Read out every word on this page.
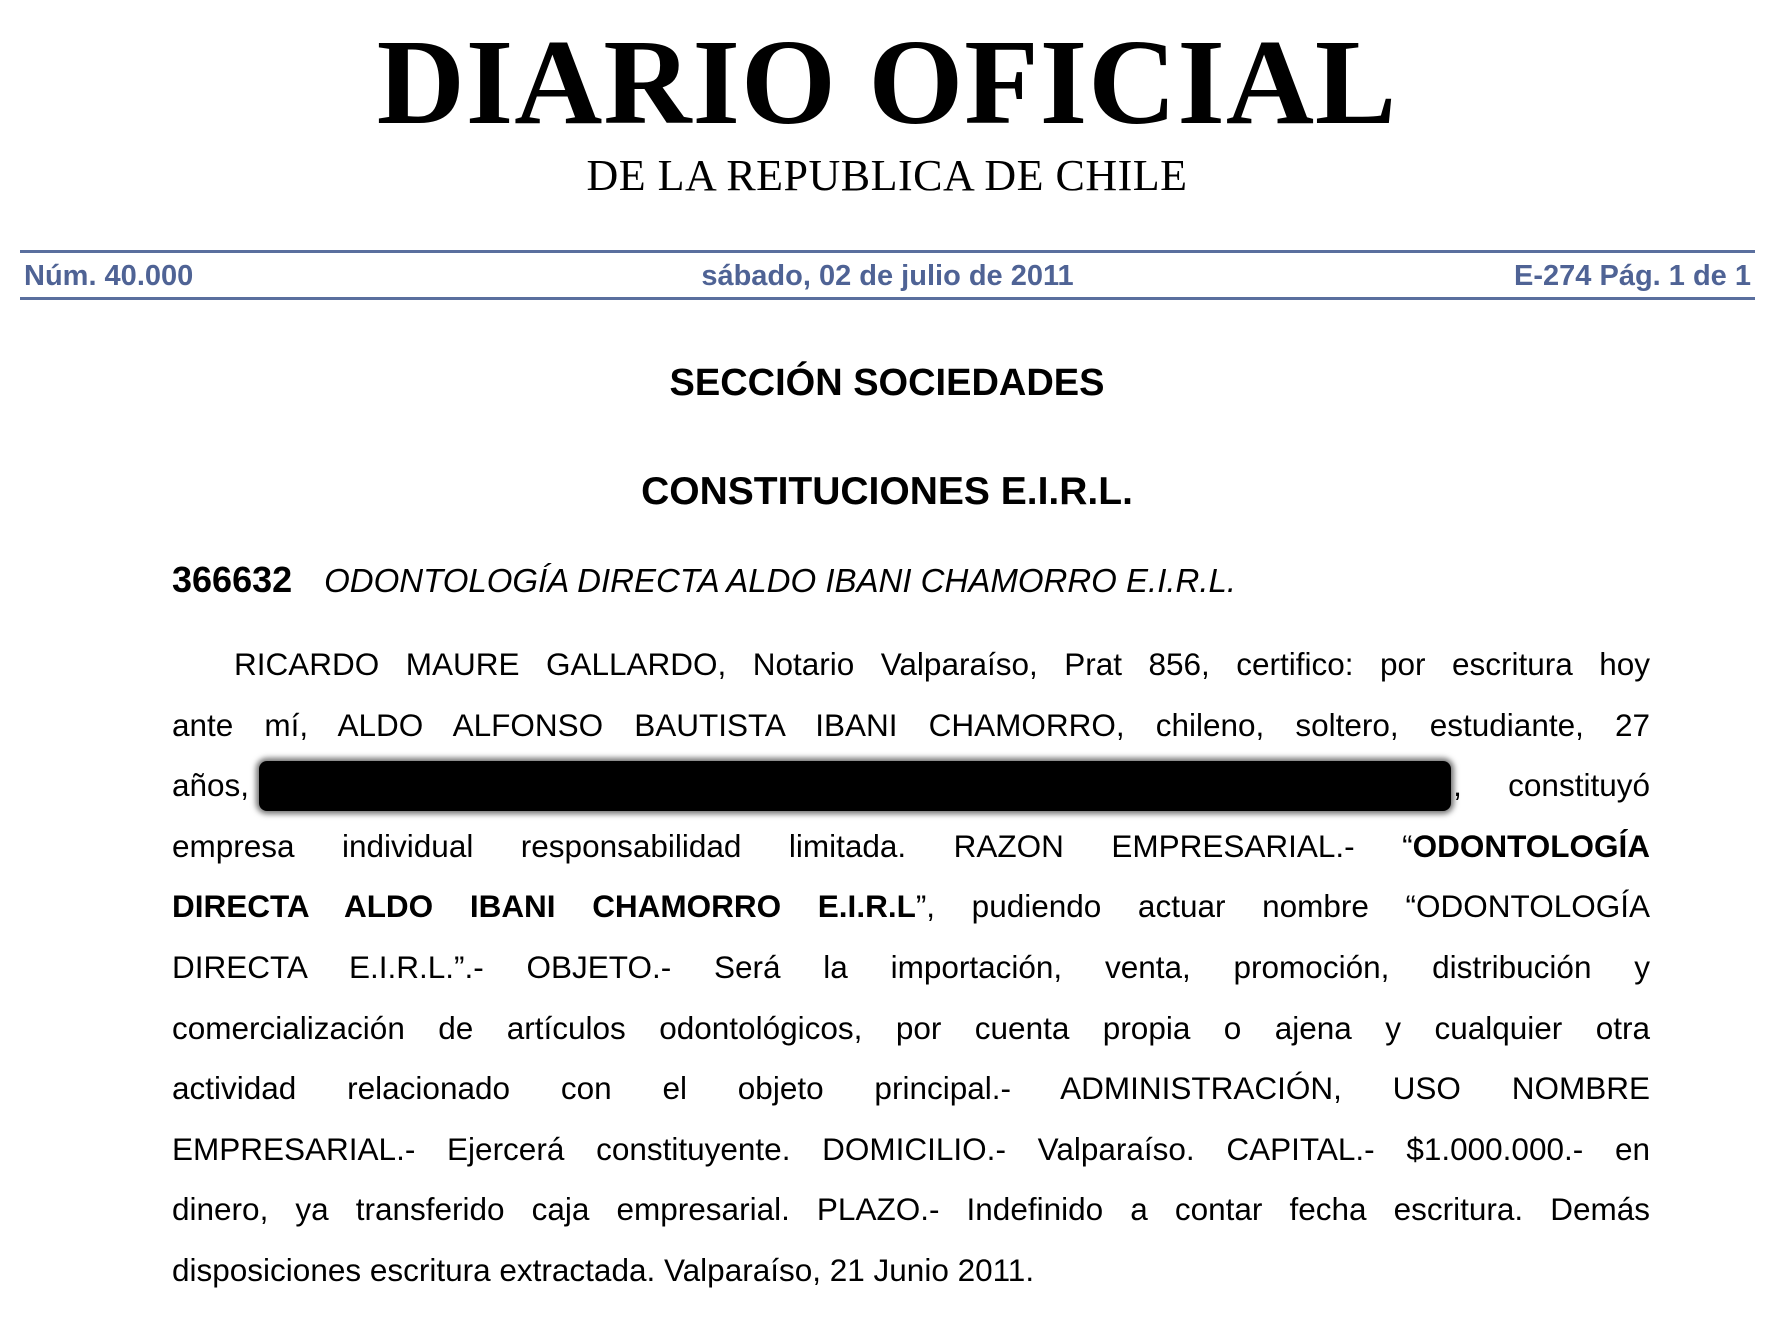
DIARIO OFICIAL
DE LA REPUBLICA DE CHILE
Núm. 40.000	sábado, 02 de julio de 2011	E-274 Pág. 1 de 1
SECCIÓN SOCIEDADES
CONSTITUCIONES E.I.R.L.
366632 ODONTOLOGÍA DIRECTA ALDO IBANI CHAMORRO E.I.R.L.
RICARDO MAURE GALLARDO, Notario Valparaíso, Prat 856, certifico: por escritura hoy
ante mí, ALDO ALFONSO BAUTISTA IBANI CHAMORRO, chileno, soltero, estudiante, 27
años,	, constituyó
empresa individual responsabilidad limitada. RAZON EMPRESARIAL.- “ODONTOLOGÍA
DIRECTA ALDO IBANI CHAMORRO E.I.R.L”, pudiendo actuar nombre “ODONTOLOGÍA
DIRECTA E.I.R.L.”.- OBJETO.- Será la importación, venta, promoción, distribución y
comercialización de artículos odontológicos, por cuenta propia o ajena y cualquier otra
actividad relacionado con el objeto principal.- ADMINISTRACIÓN, USO NOMBRE
EMPRESARIAL.- Ejercerá constituyente. DOMICILIO.- Valparaíso. CAPITAL.- $1.000.000.- en
dinero, ya transferido caja empresarial. PLAZO.- Indefinido a contar fecha escritura. Demás
disposiciones escritura extractada. Valparaíso, 21 Junio 2011.
